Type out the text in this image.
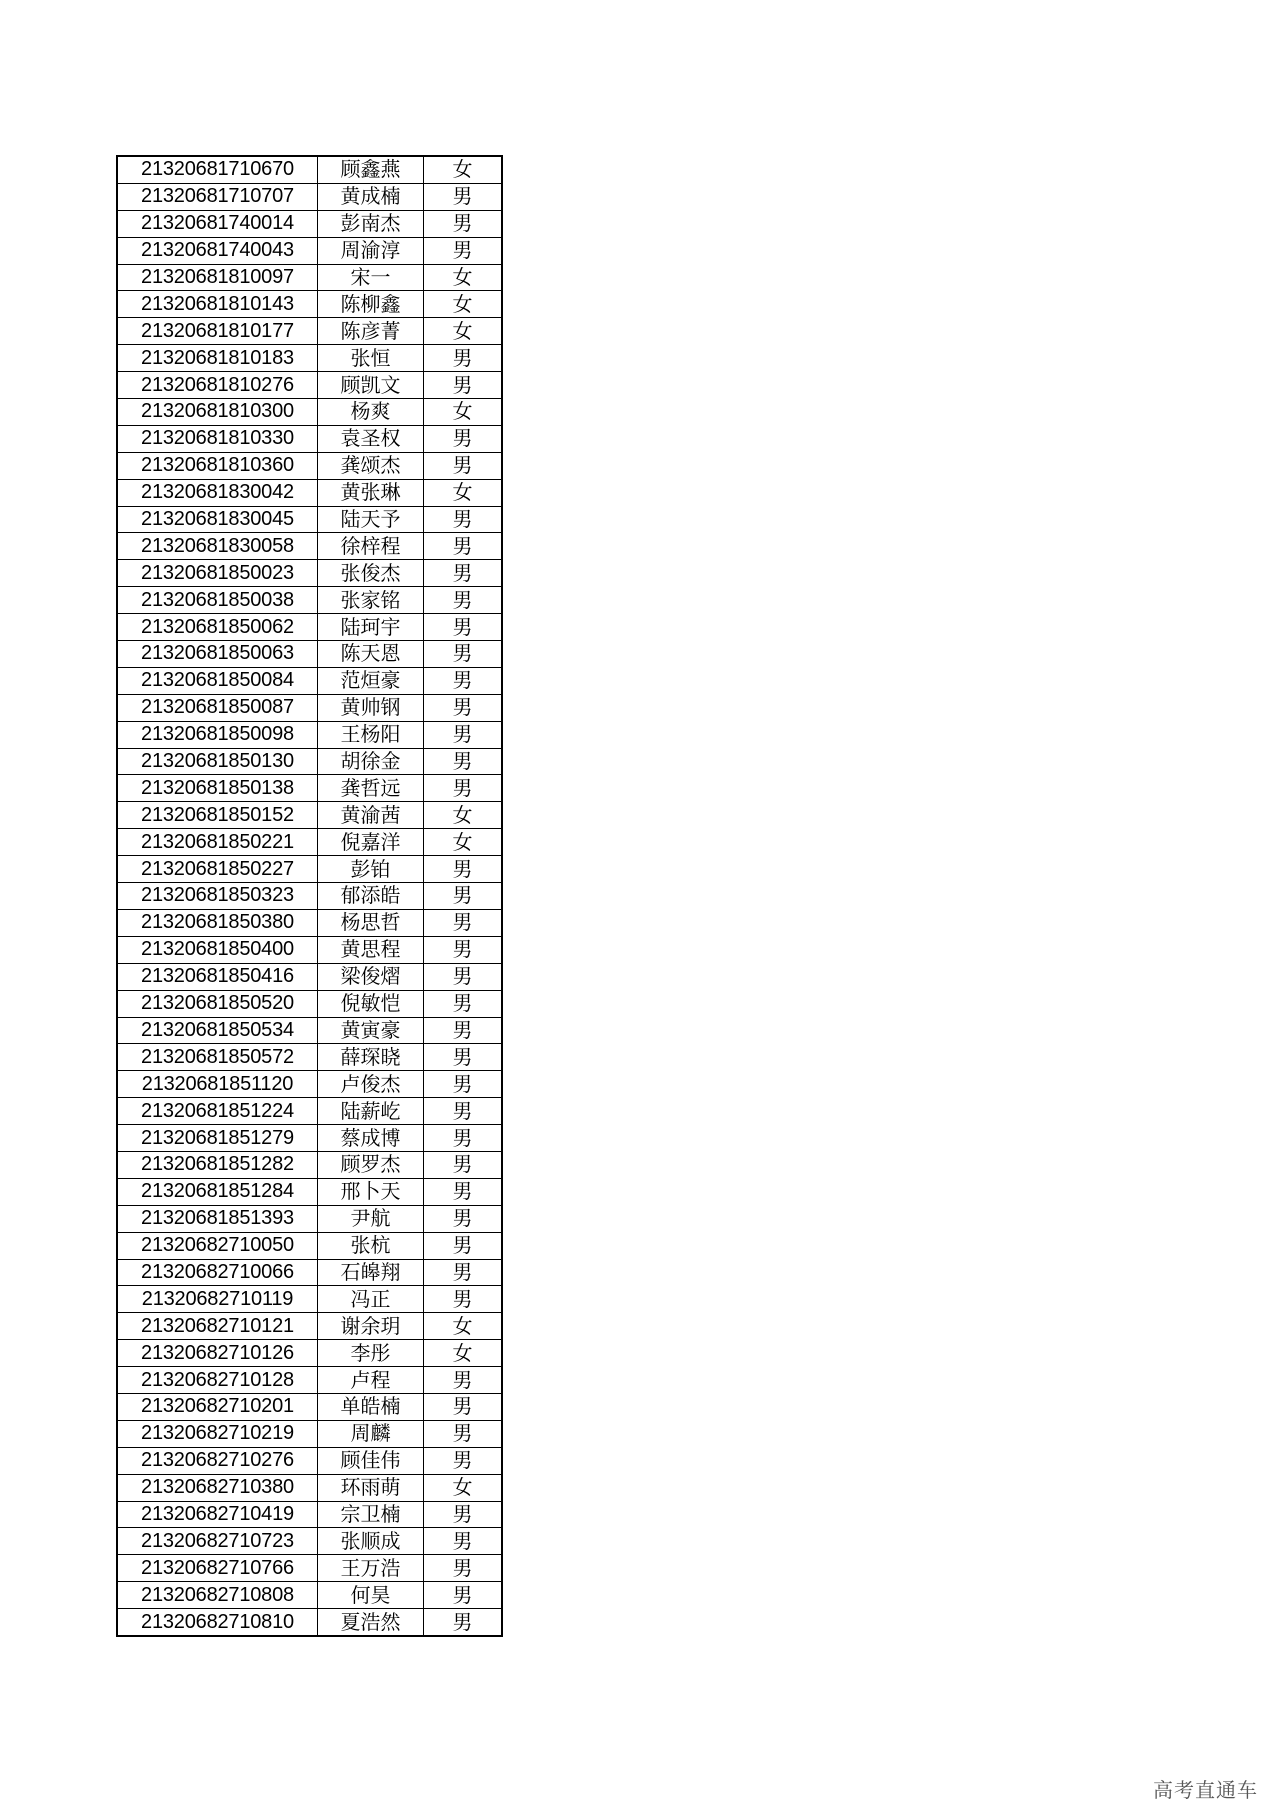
21320681710670	顾鑫燕	女
21320681710707	黄成楠	男
21320681740014	彭南杰	男
21320681740043	周渝淳	男
21320681810097	宋一	女
21320681810143	陈柳鑫	女
21320681810177	陈彦菁	女
21320681810183	张恒	男
21320681810276	顾凯文	男
21320681810300	杨爽	女
21320681810330	袁圣权	男
21320681810360	龚颂杰	男
21320681830042	黄张琳	女
21320681830045	陆天予	男
21320681830058	徐梓程	男
21320681850023	张俊杰	男
21320681850038	张家铭	男
21320681850062	陆珂宇	男
21320681850063	陈天恩	男
21320681850084	范烜豪	男
21320681850087	黄帅钢	男
21320681850098	王杨阳	男
21320681850130	胡徐金	男
21320681850138	龚哲远	男
21320681850152	黄渝茜	女
21320681850221	倪嘉洋	女
21320681850227	彭铂	男
21320681850323	郁添皓	男
21320681850380	杨思哲	男
21320681850400	黄思程	男
21320681850416	梁俊熠	男
21320681850520	倪敏恺	男
21320681850534	黄寅豪	男
21320681850572	薛琛晓	男
21320681851120	卢俊杰	男
21320681851224	陆薪屹	男
21320681851279	蔡成博	男
21320681851282	顾罗杰	男
21320681851284	邢卜天	男
21320681851393	尹航	男
21320682710050	张杭	男
21320682710066	石皞翔	男
21320682710119	冯正	男
21320682710121	谢余玥	女
21320682710126	李彤	女
21320682710128	卢程	男
21320682710201	单皓楠	男
21320682710219	周麟	男
21320682710276	顾佳伟	男
21320682710380	环雨萌	女
21320682710419	宗卫楠	男
21320682710723	张顺成	男
21320682710766	王万浩	男
21320682710808	何昊	男
21320682710810	夏浩然	男
高考直通车
